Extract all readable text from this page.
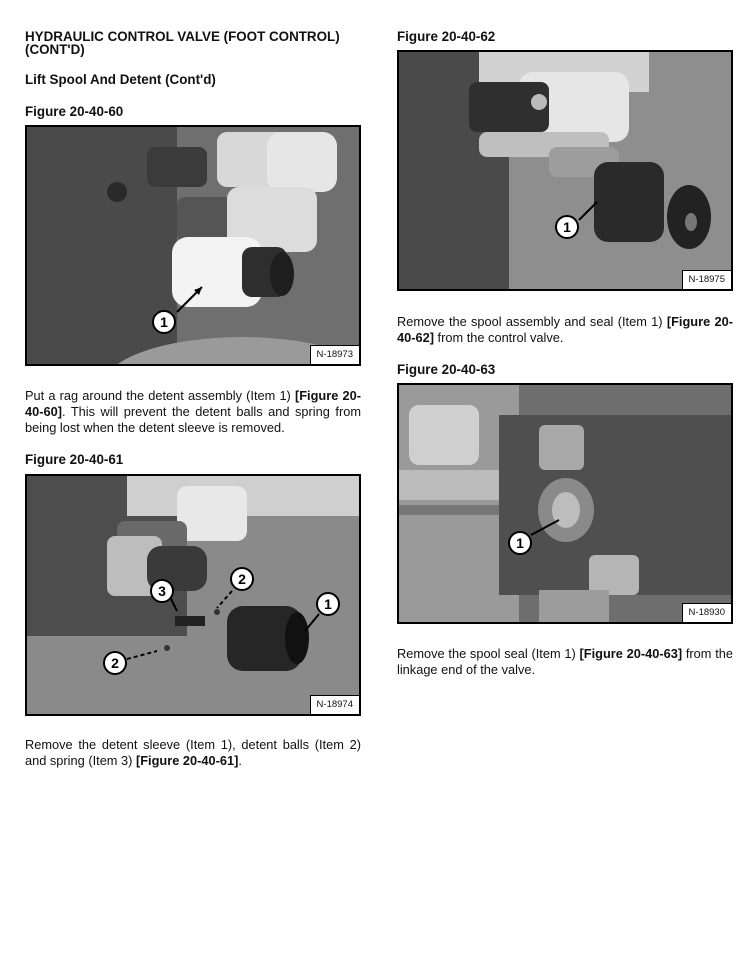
HYDRAULIC CONTROL VALVE (FOOT CONTROL) (CONT'D)
Lift Spool And Detent (Cont'd)
Figure 20-40-60
1
N-18973
Put a rag around the detent assembly (Item 1) [Figure 20-40-60]. This will prevent the detent balls and spring from being lost when the detent sleeve is removed.
Figure 20-40-61
3
2
2
1
N-18974
Remove the detent sleeve (Item 1), detent balls (Item 2) and spring (Item 3) [Figure 20-40-61].
Figure 20-40-62
1
N-18975
Remove the spool assembly and seal (Item 1) [Figure 20-40-62] from the control valve.
Figure 20-40-63
1
N-18930
Remove the spool seal (Item 1) [Figure 20-40-63] from the linkage end of the valve.
